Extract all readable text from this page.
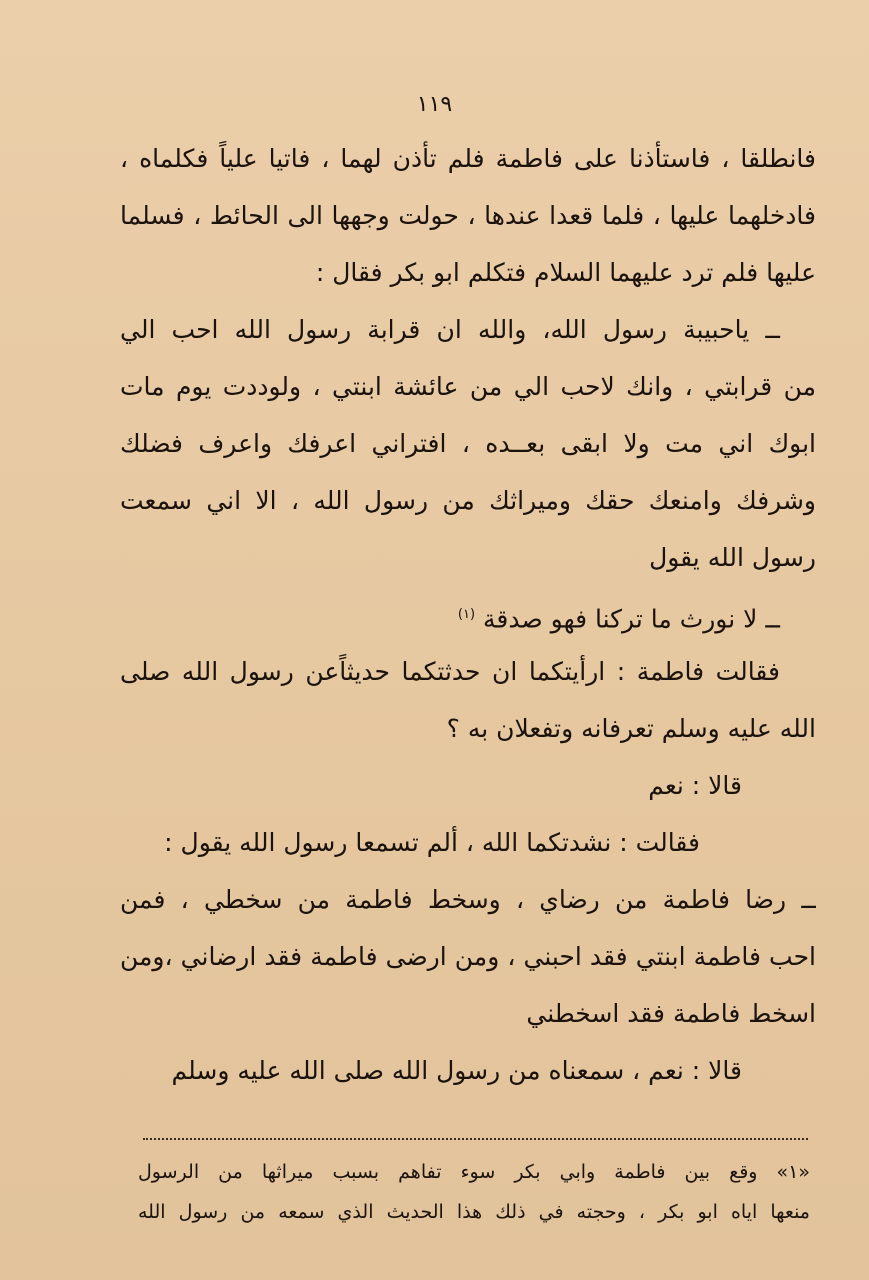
١١٩
فانطلقا ، فاستأذنا على فاطمة فلم تأذن لهما ، فاتيا علياً فكلماه ،
فادخلهما عليها ، فلما قعدا عندها ، حولت وجهها الى الحائط ، فسلما
عليها فلم ترد عليهما السلام فتكلم ابو بكر فقال :
ــ ياحبيبة رسول الله، والله ان قرابة رسول الله احب الي
من قرابتي ، وانك لاحب الي من عائشة ابنتي ، ولوددت يوم مات
ابوك اني مت ولا ابقى بعــده ، افتراني اعرفك واعرف فضلك
وشرفك وامنعك حقك وميراثك من رسول الله ، الا اني سمعت
رسول الله يقول
ــ لا نورث ما تركنا فهو صدقة $^{(١)}$
فقالت فاطمة : ارأيتكما ان حدثتكما حديثاًعن رسول الله صلى
الله عليه وسلم تعرفانه وتفعلان به ؟
قالا : نعم
فقالت : نشدتكما الله ، ألم تسمعا رسول الله يقول :
ــ رضا فاطمة من رضاي ، وسخط فاطمة من سخطي ، فمن
احب فاطمة ابنتي فقد احبني ، ومن ارضى فاطمة فقد ارضاني ،ومن
اسخط فاطمة فقد اسخطني
قالا : نعم ، سمعناه من رسول الله صلى الله عليه وسلم
«١» وقع بين فاطمة وابي بكر سوء تفاهم بسبب ميراثها من الرسول
منعها اياه ابو بكر ، وحجته في ذلك هذا الحديث الذي سمعه من رسول الله
